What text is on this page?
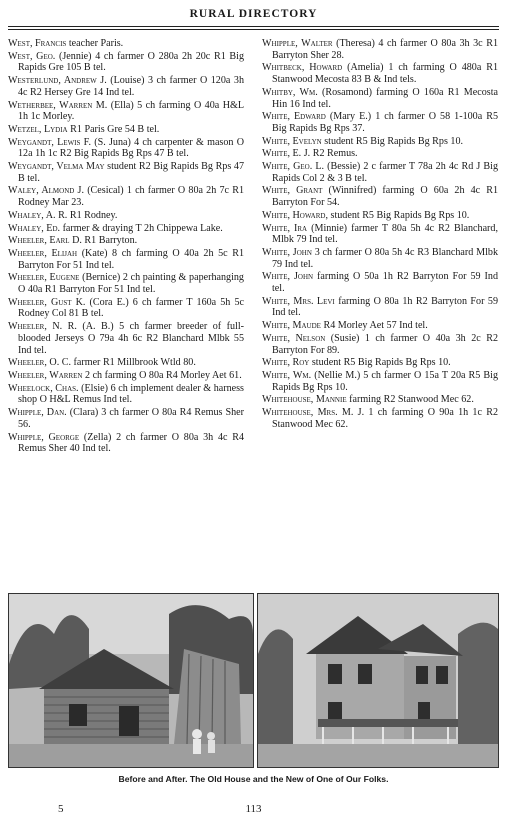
RURAL DIRECTORY
West, Francis teacher Paris.
West, Geo. (Jennie) 4 ch farmer O 280a 2h 20c R1 Big Rapids Gre 105 B tel.
Westerlund, Andrew J. (Louise) 3 ch farmer O 120a 3h 4c R2 Hersey Gre 14 Ind tel.
Wetherbee, Warren M. (Ella) 5 ch farming O 40a H&L 1h 1c Morley.
Wetzel, Lydia R1 Paris Gre 54 B tel.
Weygandt, Lewis F. (S. Juna) 4 ch carpenter & mason O 12a 1h 1c R2 Big Rapids Bg Rps 47 B tel.
Weygandt, Velma May student R2 Big Rapids Bg Rps 47 B tel.
Waley, Almond J. (Cesical) 1 ch farmer O 80a 2h 7c R1 Rodney Mar 23.
Whaley, A. R. R1 Rodney.
Whaley, Ed. farmer & draying T 2h Chippewa Lake.
Wheeler, Earl D. R1 Barryton.
Wheeler, Elijah (Kate) 8 ch farming O 40a 2h 5c R1 Barryton For 51 Ind tel.
Wheeler, Eugene (Bernice) 2 ch painting & paperhanging O 40a R1 Barryton For 51 Ind tel.
Wheeler, Gust K. (Cora E.) 6 ch farmer T 160a 5h 5c Rodney Col 81 B tel.
Wheeler, N. R. (A. B.) 5 ch farmer breeder of full-blooded Jerseys O 79a 4h 6c R2 Blanchard Mlbk 55 Ind tel.
Wheeler, O. C. farmer R1 Millbrook Wtld 80.
Wheeler, Warren 2 ch farming O 80a R4 Morley Aet 61.
Wheelock, Chas. (Elsie) 6 ch implement dealer & harness shop O H&L Remus Ind tel.
Whipple, Dan. (Clara) 3 ch farmer O 80a R4 Remus Sher 56.
Whipple, George (Zella) 2 ch farmer O 80a 3h 4c R4 Remus Sher 40 Ind tel.
Whipple, Walter (Theresa) 4 ch farmer O 80a 3h 3c R1 Barryton Sher 28.
Whitbeck, Howard (Amelia) 1 ch farming O 480a R1 Stanwood Mecosta 83 B & Ind tels.
Whitby, Wm. (Rosamond) farming O 160a R1 Mecosta Hin 16 Ind tel.
White, Edward (Mary E.) 1 ch farmer O 58 1-100a R5 Big Rapids Bg Rps 37.
White, Evelyn student R5 Big Rapids Bg Rps 10.
White, E. J. R2 Remus.
White, Geo. L. (Bessie) 2 c farmer T 78a 2h 4c Rd J Big Rapids Col 2 & 3 B tel.
White, Grant (Winnifred) farming O 60a 2h 4c R1 Barryton For 54.
White, Howard, student R5 Big Rapids Bg Rps 10.
White, Ira (Minnie) farmer T 80a 5h 4c R2 Blanchard, Mlbk 79 Ind tel.
White, John 3 ch farmer O 80a 5h 4c R3 Blanchard Mlbk 79 Ind tel.
White, John farming O 50a 1h R2 Barryton For 59 Ind tel.
White, Mrs. Levi farming O 80a 1h R2 Barryton For 59 Ind tel.
White, Maude R4 Morley Aet 57 Ind tel.
White, Nelson (Susie) 1 ch farmer O 40a 3h 2c R2 Barryton For 89.
White, Roy student R5 Big Rapids Bg Rps 10.
White, Wm. (Nellie M.) 5 ch farmer O 15a T 20a R5 Big Rapids Bg Rps 10.
Whitehouse, Mannie farming R2 Stanwood Mec 62.
Whitehouse, Mrs. M. J. 1 ch farming O 90a 1h 1c R2 Stanwood Mec 62.
Before and After. The Old House and the New of One of Our Folks.
5	113
